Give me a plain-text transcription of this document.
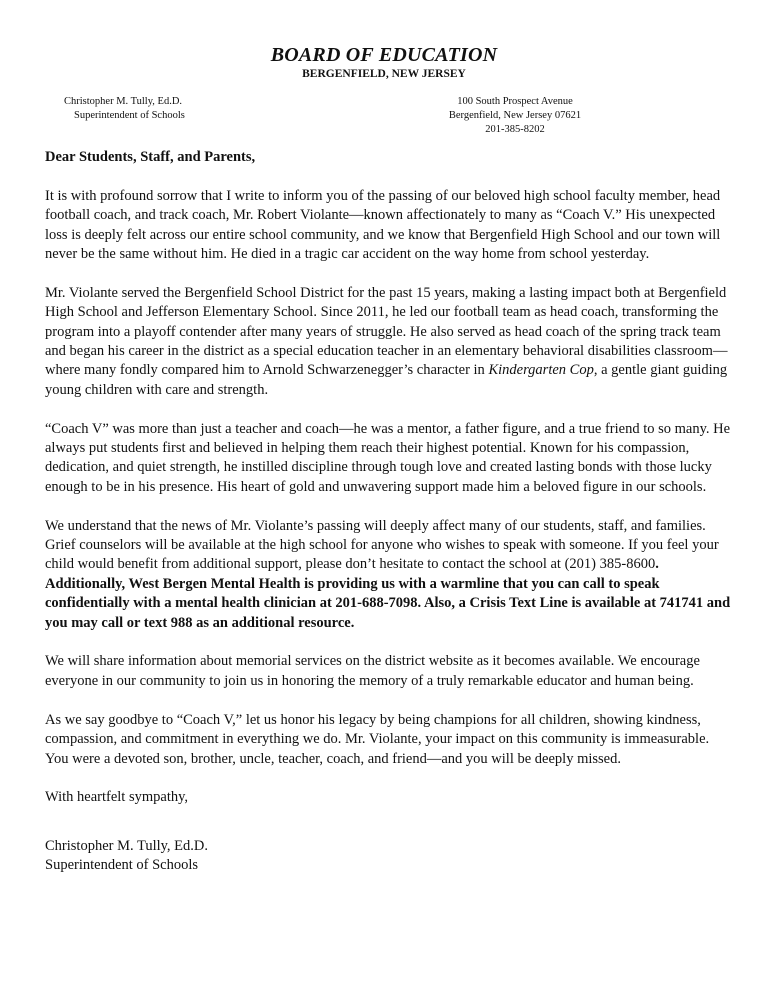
BOARD OF EDUCATION
BERGENFIELD, NEW JERSEY
Christopher M. Tully, Ed.D.
Superintendent of Schools
100 South Prospect Avenue
Bergenfield, New Jersey 07621
201-385-8202

Dear Students, Staff, and Parents,

It is with profound sorrow that I write to inform you of the passing of our beloved high school faculty member, head football coach, and track coach, Mr. Robert Violante—known affectionately to many as “Coach V.” His unexpected loss is deeply felt across our entire school community, and we know that Bergenfield High School and our town will never be the same without him. He died in a tragic car accident on the way home from school yesterday.

Mr. Violante served the Bergenfield School District for the past 15 years, making a lasting impact both at Bergenfield High School and Jefferson Elementary School. Since 2011, he led our football team as head coach, transforming the program into a playoff contender after many years of struggle. He also served as head coach of the spring track team and began his career in the district as a special education teacher in an elementary behavioral disabilities classroom—where many fondly compared him to Arnold Schwarzenegger’s character in Kindergarten Cop, a gentle giant guiding young children with care and strength.

“Coach V” was more than just a teacher and coach—he was a mentor, a father figure, and a true friend to so many. He always put students first and believed in helping them reach their highest potential. Known for his compassion, dedication, and quiet strength, he instilled discipline through tough love and created lasting bonds with those lucky enough to be in his presence. His heart of gold and unwavering support made him a beloved figure in our schools.

We understand that the news of Mr. Violante’s passing will deeply affect many of our students, staff, and families. Grief counselors will be available at the high school for anyone who wishes to speak with someone. If you feel your child would benefit from additional support, please don’t hesitate to contact the school at (201) 385-8600. Additionally, West Bergen Mental Health is providing us with a warmline that you can call to speak confidentially with a mental health clinician at 201-688-7098. Also, a Crisis Text Line is available at 741741 and you may call or text 988 as an additional resource.

We will share information about memorial services on the district website as it becomes available. We encourage everyone in our community to join us in honoring the memory of a truly remarkable educator and human being.

As we say goodbye to “Coach V,” let us honor his legacy by being champions for all children, showing kindness, compassion, and commitment in everything we do. Mr. Violante, your impact on this community is immeasurable. You were a devoted son, brother, uncle, teacher, coach, and friend—and you will be deeply missed.

With heartfelt sympathy,

Christopher M. Tully, Ed.D.
Superintendent of Schools
